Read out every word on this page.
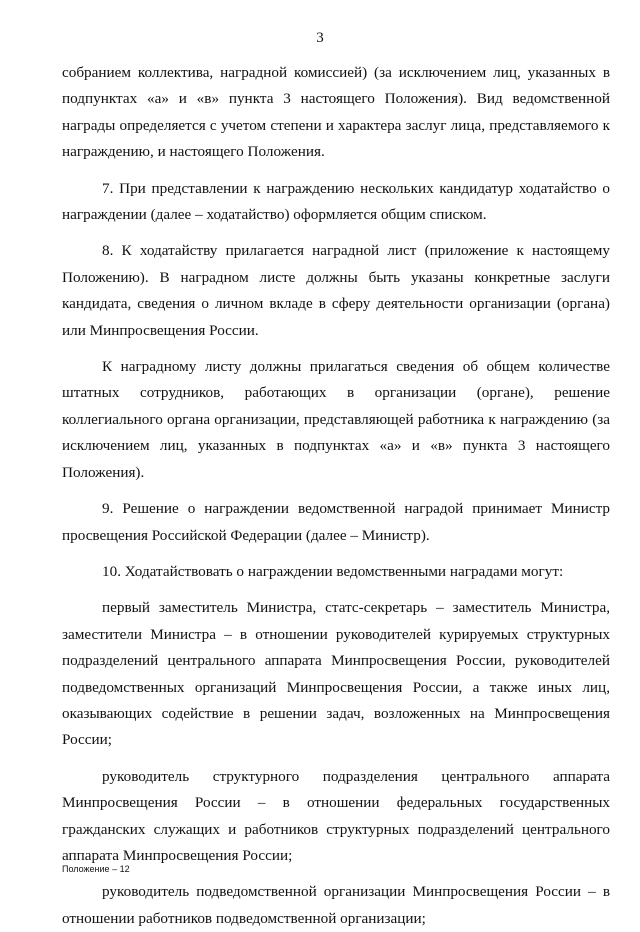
3

собранием коллектива, наградной комиссией) (за исключением лиц, указанных в подпунктах «а» и «в» пункта 3 настоящего Положения). Вид ведомственной награды определяется с учетом степени и характера заслуг лица, представляемого к награждению, и настоящего Положения.

7. При представлении к награждению нескольких кандидатур ходатайство о награждении (далее – ходатайство) оформляется общим списком.

8. К ходатайству прилагается наградной лист (приложение к настоящему Положению). В наградном листе должны быть указаны конкретные заслуги кандидата, сведения о личном вкладе в сферу деятельности организации (органа) или Минпросвещения России.

К наградному листу должны прилагаться сведения об общем количестве штатных сотрудников, работающих в организации (органе), решение коллегиального органа организации, представляющей работника к награждению (за исключением лиц, указанных в подпунктах «а» и «в» пункта 3 настоящего Положения).

9. Решение о награждении ведомственной наградой принимает Министр просвещения Российской Федерации (далее – Министр).

10. Ходатайствовать о награждении ведомственными наградами могут:

первый заместитель Министра, статс-секретарь – заместитель Министра, заместители Министра – в отношении руководителей курируемых структурных подразделений центрального аппарата Минпросвещения России, руководителей подведомственных организаций Минпросвещения России, а также иных лиц, оказывающих содействие в решении задач, возложенных на Минпросвещения России;

руководитель структурного подразделения центрального аппарата Минпросвещения России – в отношении федеральных государственных гражданских служащих и работников структурных подразделений центрального аппарата Минпросвещения России;

руководитель подведомственной организации Минпросвещения России – в отношении работников подведомственной организации;

Положение – 12
